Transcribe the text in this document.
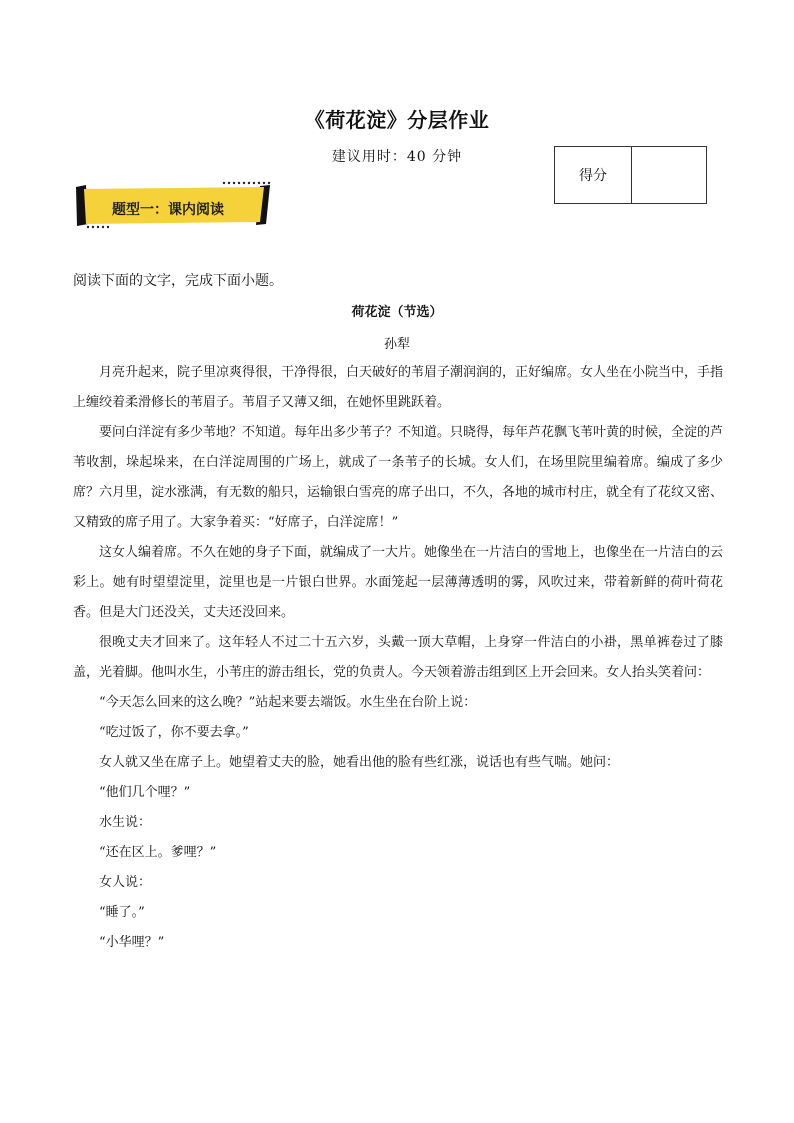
《荷花淀》分层作业
建议用时：40 分钟
得分
题型一：课内阅读
阅读下面的文字，完成下面小题。
荷花淀（节选）
孙犁

月亮升起来，院子里凉爽得很，干净得很，白天破好的苇眉子潮润润的，正好编席。女人坐在小院当中，手指上缠绞着柔滑修长的苇眉子。苇眉子又薄又细，在她怀里跳跃着。

要问白洋淀有多少苇地？不知道。每年出多少苇子？不知道。只晓得，每年芦花飘飞苇叶黄的时候，全淀的芦苇收割，垛起垛来，在白洋淀周围的广场上，就成了一条苇子的长城。女人们，在场里院里编着席。编成了多少席？六月里，淀水涨满，有无数的船只，运输银白雪亮的席子出口，不久，各地的城市村庄，就全有了花纹又密、又精致的席子用了。大家争着买：“好席子，白洋淀席！”

这女人编着席。不久在她的身子下面，就编成了一大片。她像坐在一片洁白的雪地上，也像坐在一片洁白的云彩上。她有时望望淀里，淀里也是一片银白世界。水面笼起一层薄薄透明的雾，风吹过来，带着新鲜的荷叶荷花香。但是大门还没关，丈夫还没回来。

很晚丈夫才回来了。这年轻人不过二十五六岁，头戴一顶大草帽，上身穿一件洁白的小褂，黑单裤卷过了膝盖，光着脚。他叫水生，小苇庄的游击组长，党的负责人。今天领着游击组到区上开会回来。女人抬头笑着问：

“今天怎么回来的这么晚？”站起来要去端饭。水生坐在台阶上说：

“吃过饭了，你不要去拿。”

女人就又坐在席子上。她望着丈夫的脸，她看出他的脸有些红涨，说话也有些气喘。她问：

“他们几个哩？”

水生说：

“还在区上。爹哩？”

女人说：

“睡了。”

“小华哩？”
